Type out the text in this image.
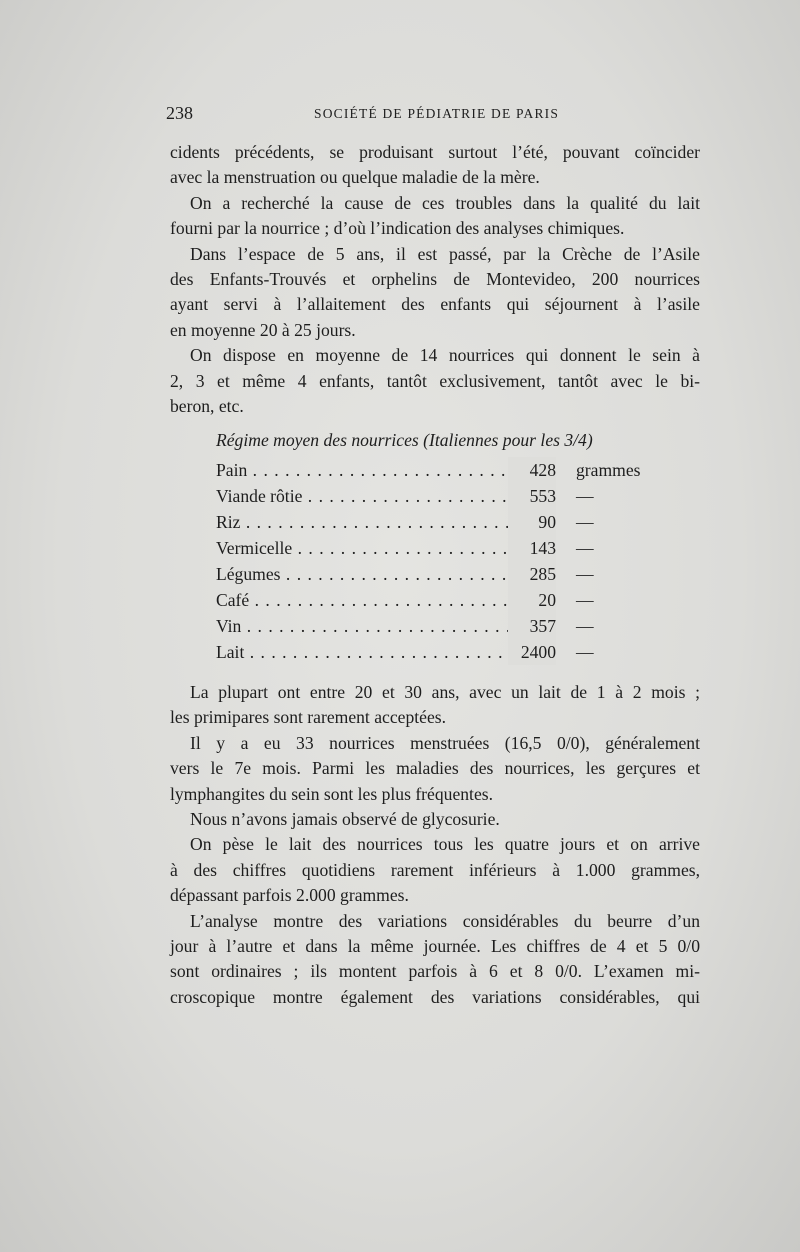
238	SOCIÉTÉ DE PÉDIATRIE DE PARIS
cidents précédents, se produisant surtout l’été, pouvant coïncider
avec la menstruation ou quelque maladie de la mère.
On a recherché la cause de ces troubles dans la qualité du lait
fourni par la nourrice ; d’où l’indication des analyses chimiques.
Dans l’espace de 5 ans, il est passé, par la Crèche de l’Asile
des Enfants-Trouvés et orphelins de Montevideo, 200 nourrices
ayant servi à l’allaitement des enfants qui séjournent à l’asile
en moyenne 20 à 25 jours.
On dispose en moyenne de 14 nourrices qui donnent le sein à
2, 3 et même 4 enfants, tantôt exclusivement, tantôt avec le bi-
beron, etc.
Régime moyen des nourrices (Italiennes pour les 3/4)
Pain . . .	428 grammes
Viande rôtie . . .	553 —
Riz . . .	90 —
Vermicelle . . .	143 —
Légumes . . .	285 —
Café . . .	20 —
Vin . . .	357 —
Lait . . .	2400 —
La plupart ont entre 20 et 30 ans, avec un lait de 1 à 2 mois ;
les primipares sont rarement acceptées.
Il y a eu 33 nourrices menstruées (16,5 0/0), généralement
vers le 7e mois. Parmi les maladies des nourrices, les gerçures et
lymphangites du sein sont les plus fréquentes.
Nous n’avons jamais observé de glycosurie.
On pèse le lait des nourrices tous les quatre jours et on arrive
à des chiffres quotidiens rarement inférieurs à 1.000 grammes,
dépassant parfois 2.000 grammes.
L’analyse montre des variations considérables du beurre d’un
jour à l’autre et dans la même journée. Les chiffres de 4 et 5 0/0
sont ordinaires ; ils montent parfois à 6 et 8 0/0. L’examen mi-
croscopique montre également des variations considérables, qui
